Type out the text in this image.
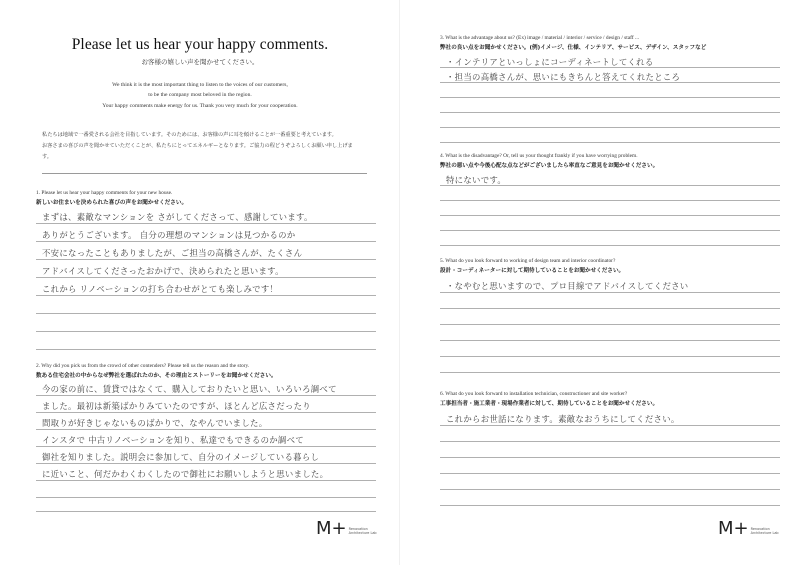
Please let us hear your happy comments.
お客様の嬉しい声を聞かせてください。
We think it is the most important thing to listen to the voices of our customers,
to be the company most beloved in the region.
Your happy comments make energy for us. Thank you very much for your cooperation.
私たちは地域で一番愛される会社を目指しています。そのためには、お客様の声に耳を傾けることが一番重要と考えています。
お客さまの喜びの声を聞かせていただくことが、私たちにとってエネルギーとなります。ご協力の程どうぞよろしくお願い申し上げます。
1. Please let us hear your happy comments for your new house.
新しいお住まいを決められた喜びの声をお聞かせください。
まずは、素敵なマンションを さがしてくださって、感謝しています。
ありがとうございます。 自分の理想のマンションは見つかるのか
不安になったこともありましたが、ご担当の高橋さんが、たくさん
アドバイスしてくださったおかげで、決められたと思います。
これから リノベーションの打ち合わせがとても楽しみです！
2. Why did you pick us from the crowd of other contenders? Please tell us the reason and the story.
数ある住宅会社の中からなぜ弊社を選ばれたのか、その理由とストーリーをお聞かせください。
今の家の前に、賃貸ではなくて、購入しておりたいと思い、いろいろ調べて
ました。最初は新築ばかりみていたのですが、ほとんど広さだったり
間取りが好きじゃないものばかりで、なやんでいました。
インスタで 中古リノベーションを知り、私達でもできるのか調べて
御社を知りました。説明会に参加して、自分のイメージしている暮らし
に近いこと、何だかわくわくしたので御社にお願いしようと思いました。
M+ Renovation
Architecture Lab
3. What is the advantage about us? (Ex) image / material / interior / service / design / staff ...
弊社の良い点をお聞かせください。(例)イメージ、仕様、インテリア、サービス、デザイン、スタッフなど
・インテリアといっしょにコーディネートしてくれる
・担当の高橋さんが、思いにもきちんと答えてくれたところ
4. What is the disadvantage? Or, tell us your thought frankly if you have worrying problem.
弊社の悪い点や今後心配な点などがございましたら率直なご意見をお聞かせください。
特にないです。
5. What do you look forward to working of design team and interior coordinator?
設計・コーディネーターに対して期待していることをお聞かせください。
・なやむと思いますので、プロ目線でアドバイスしてください
6. What do you look forward to installation technician, constructioner and site worker?
工事担当者・施工業者・現場作業者に対して、期待していることをお聞かせください。
これからお世話になります。素敵なおうちにしてください。
M+ Renovation
Architecture Lab
